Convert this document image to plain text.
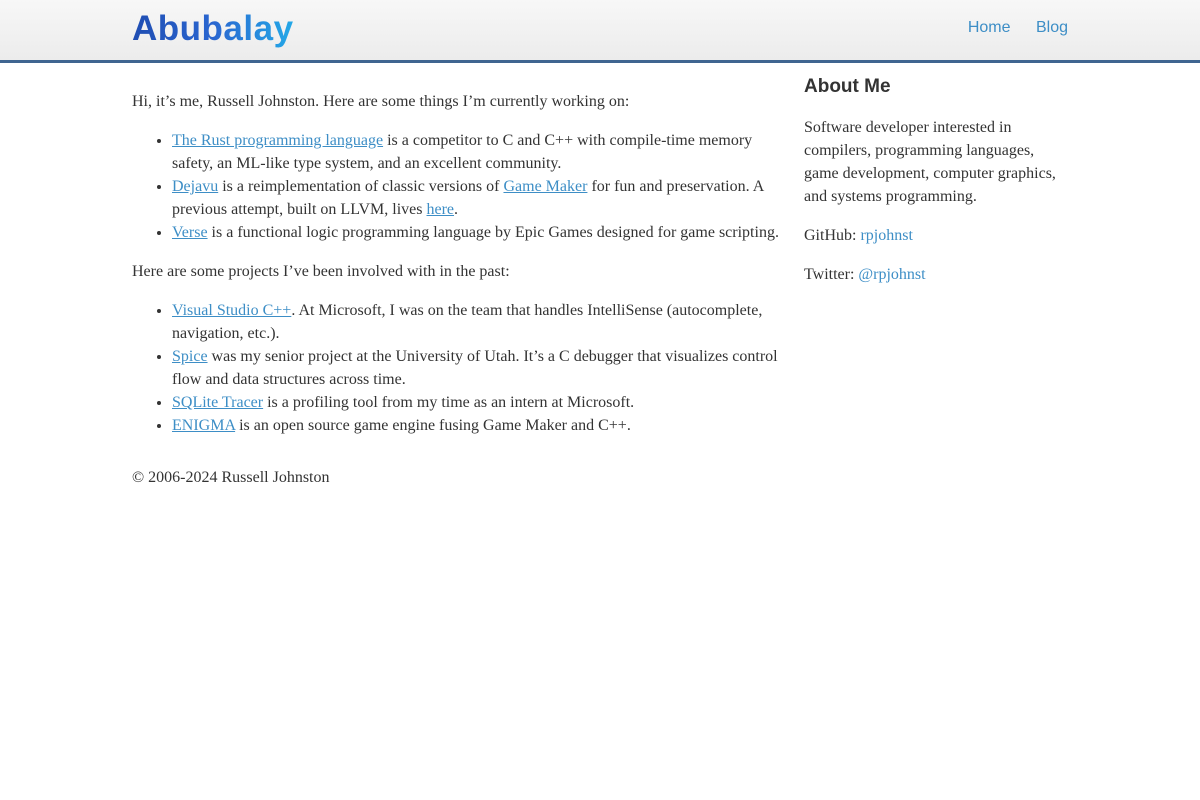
Abubalay	Home Blog

Hi, it’s me, Russell Johnston. Here are some things I’m currently working on:

• The Rust programming language is a competitor to C and C++ with compile-time memory safety, an ML-like type system, and an excellent community.
• Dejavu is a reimplementation of classic versions of Game Maker for fun and preservation. A previous attempt, built on LLVM, lives here.
• Verse is a functional logic programming language by Epic Games designed for game scripting.

Here are some projects I’ve been involved with in the past:

• Visual Studio C++. At Microsoft, I was on the team that handles IntelliSense (autocomplete, navigation, etc.).
• Spice was my senior project at the University of Utah. It’s a C debugger that visualizes control flow and data structures across time.
• SQLite Tracer is a profiling tool from my time as an intern at Microsoft.
• ENIGMA is an open source game engine fusing Game Maker and C++.
About Me

Software developer interested in compilers, programming languages, game development, computer graphics, and systems programming.

GitHub: rpjohnst

Twitter: @rpjohnst

© 2006-2024 Russell Johnston
